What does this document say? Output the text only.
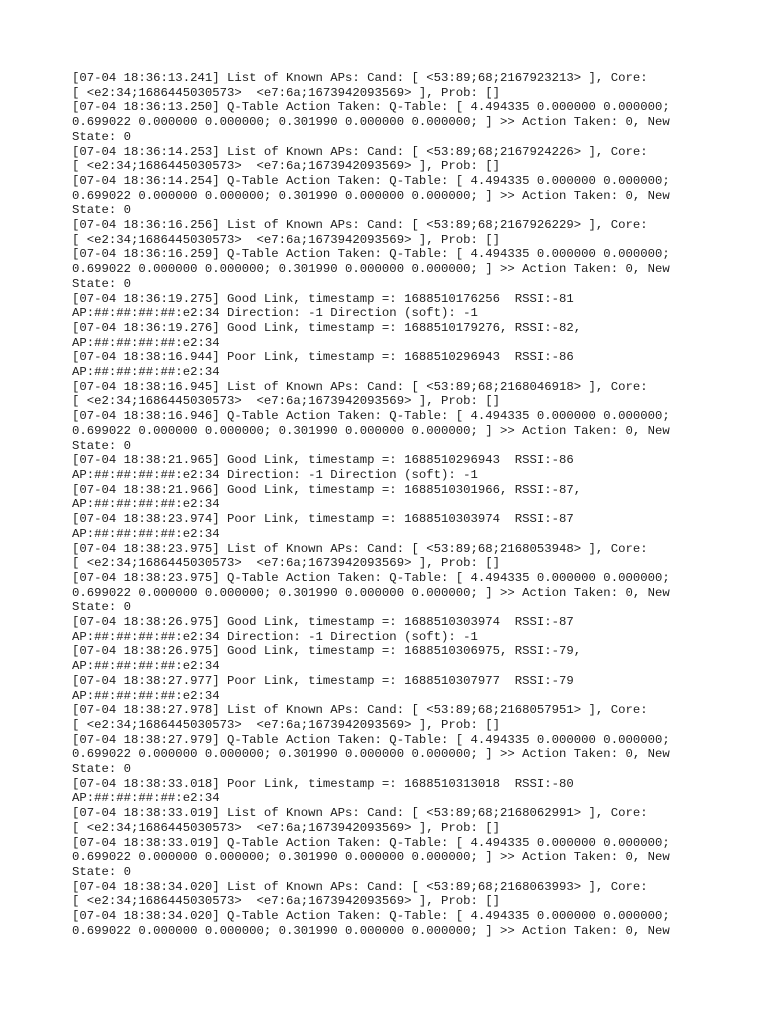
[07-04 18:36:13.241] List of Known APs: Cand: [ <53:89;68;2167923213> ], Core:
[ <e2:34;1686445030573>  <e7:6a;1673942093569> ], Prob: []
[07-04 18:36:13.250] Q-Table Action Taken: Q-Table: [ 4.494335 0.000000 0.000000;
0.699022 0.000000 0.000000; 0.301990 0.000000 0.000000; ] >> Action Taken: 0, New
State: 0
[07-04 18:36:14.253] List of Known APs: Cand: [ <53:89;68;2167924226> ], Core:
[ <e2:34;1686445030573>  <e7:6a;1673942093569> ], Prob: []
[07-04 18:36:14.254] Q-Table Action Taken: Q-Table: [ 4.494335 0.000000 0.000000;
0.699022 0.000000 0.000000; 0.301990 0.000000 0.000000; ] >> Action Taken: 0, New
State: 0
[07-04 18:36:16.256] List of Known APs: Cand: [ <53:89;68;2167926229> ], Core:
[ <e2:34;1686445030573>  <e7:6a;1673942093569> ], Prob: []
[07-04 18:36:16.259] Q-Table Action Taken: Q-Table: [ 4.494335 0.000000 0.000000;
0.699022 0.000000 0.000000; 0.301990 0.000000 0.000000; ] >> Action Taken: 0, New
State: 0
[07-04 18:36:19.275] Good Link, timestamp =: 1688510176256  RSSI:-81
AP:##:##:##:##:e2:34 Direction: -1 Direction (soft): -1
[07-04 18:36:19.276] Good Link, timestamp =: 1688510179276, RSSI:-82,
AP:##:##:##:##:e2:34
[07-04 18:38:16.944] Poor Link, timestamp =: 1688510296943  RSSI:-86
AP:##:##:##:##:e2:34
[07-04 18:38:16.945] List of Known APs: Cand: [ <53:89;68;2168046918> ], Core:
[ <e2:34;1686445030573>  <e7:6a;1673942093569> ], Prob: []
[07-04 18:38:16.946] Q-Table Action Taken: Q-Table: [ 4.494335 0.000000 0.000000;
0.699022 0.000000 0.000000; 0.301990 0.000000 0.000000; ] >> Action Taken: 0, New
State: 0
[07-04 18:38:21.965] Good Link, timestamp =: 1688510296943  RSSI:-86
AP:##:##:##:##:e2:34 Direction: -1 Direction (soft): -1
[07-04 18:38:21.966] Good Link, timestamp =: 1688510301966, RSSI:-87,
AP:##:##:##:##:e2:34
[07-04 18:38:23.974] Poor Link, timestamp =: 1688510303974  RSSI:-87
AP:##:##:##:##:e2:34
[07-04 18:38:23.975] List of Known APs: Cand: [ <53:89;68;2168053948> ], Core:
[ <e2:34;1686445030573>  <e7:6a;1673942093569> ], Prob: []
[07-04 18:38:23.975] Q-Table Action Taken: Q-Table: [ 4.494335 0.000000 0.000000;
0.699022 0.000000 0.000000; 0.301990 0.000000 0.000000; ] >> Action Taken: 0, New
State: 0
[07-04 18:38:26.975] Good Link, timestamp =: 1688510303974  RSSI:-87
AP:##:##:##:##:e2:34 Direction: -1 Direction (soft): -1
[07-04 18:38:26.975] Good Link, timestamp =: 1688510306975, RSSI:-79,
AP:##:##:##:##:e2:34
[07-04 18:38:27.977] Poor Link, timestamp =: 1688510307977  RSSI:-79
AP:##:##:##:##:e2:34
[07-04 18:38:27.978] List of Known APs: Cand: [ <53:89;68;2168057951> ], Core:
[ <e2:34;1686445030573>  <e7:6a;1673942093569> ], Prob: []
[07-04 18:38:27.979] Q-Table Action Taken: Q-Table: [ 4.494335 0.000000 0.000000;
0.699022 0.000000 0.000000; 0.301990 0.000000 0.000000; ] >> Action Taken: 0, New
State: 0
[07-04 18:38:33.018] Poor Link, timestamp =: 1688510313018  RSSI:-80
AP:##:##:##:##:e2:34
[07-04 18:38:33.019] List of Known APs: Cand: [ <53:89;68;2168062991> ], Core:
[ <e2:34;1686445030573>  <e7:6a;1673942093569> ], Prob: []
[07-04 18:38:33.019] Q-Table Action Taken: Q-Table: [ 4.494335 0.000000 0.000000;
0.699022 0.000000 0.000000; 0.301990 0.000000 0.000000; ] >> Action Taken: 0, New
State: 0
[07-04 18:38:34.020] List of Known APs: Cand: [ <53:89;68;2168063993> ], Core:
[ <e2:34;1686445030573>  <e7:6a;1673942093569> ], Prob: []
[07-04 18:38:34.020] Q-Table Action Taken: Q-Table: [ 4.494335 0.000000 0.000000;
0.699022 0.000000 0.000000; 0.301990 0.000000 0.000000; ] >> Action Taken: 0, New
